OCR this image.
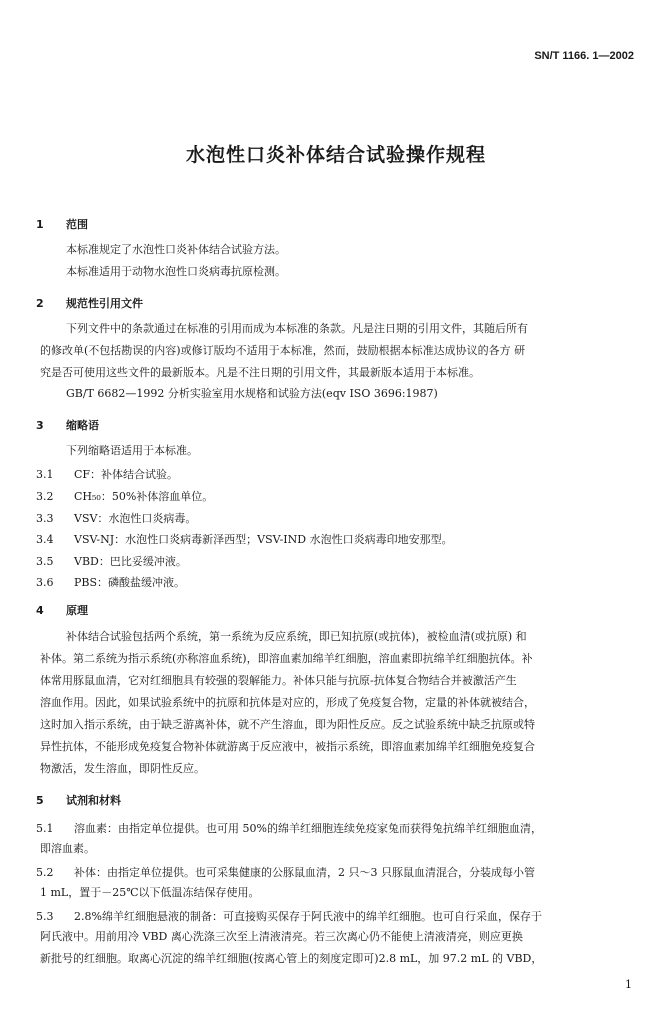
SN/T 1166. 1—2002
水泡性口炎补体结合试验操作规程
1 范围
本标准规定了水泡性口炎补体结合试验方法。
本标准适用于动物水泡性口炎病毒抗原检测。
2 规范性引用文件
下列文件中的条款通过在标准的引用而成为本标准的条款。凡是注日期的引用文件，其随后所有
的修改单(不包括勘误的内容)或修订版均不适用于本标准，然而，鼓励根据本标准达成协议的各方 研
究是否可使用这些文件的最新版本。凡是不注日期的引用文件，其最新版本适用于本标准。
GB/T 6682—1992 分析实验室用水规格和试验方法(eqv ISO 3696:1987)
3 缩略语
下列缩略语适用于本标准。
3.1 CF：补体结合试验。
3.2 CH₅₀：50%补体溶血单位。
3.3 VSV：水泡性口炎病毒。
3.4 VSV-NJ：水泡性口炎病毒新泽西型；VSV-IND 水泡性口炎病毒印地安那型。
3.5 VBD：巴比妥缓冲液。
3.6 PBS：磷酸盐缓冲液。
4 原理
补体结合试验包括两个系统，第一系统为反应系统，即已知抗原(或抗体)，被检血清(或抗原) 和
补体。第二系统为指示系统(亦称溶血系统)，即溶血素加绵羊红细胞，溶血素即抗绵羊红细胞抗体。补
体常用豚鼠血清，它对红细胞具有较强的裂解能力。补体只能与抗原-抗体复合物结合并被激活产生
溶血作用。因此，如果试验系统中的抗原和抗体是对应的，形成了免疫复合物，定量的补体就被结合，
这时加入指示系统，由于缺乏游离补体，就不产生溶血，即为阳性反应。反之试验系统中缺乏抗原或特
异性抗体，不能形成免疫复合物补体就游离于反应液中，被指示系统，即溶血素加绵羊红细胞免疫复合
物激活，发生溶血，即阴性反应。
5 试剂和材料
5.1 溶血素：由指定单位提供。也可用 50%的绵羊红细胞连续免疫家兔而获得兔抗绵羊红细胞血清，
即溶血素。
5.2 补体：由指定单位提供。也可采集健康的公豚鼠血清，2 只～3 只豚鼠血清混合，分装成每小管
1 mL，置于－25℃以下低温冻结保存使用。
5.3 2.8%绵羊红细胞悬液的制备：可直接购买保存于阿氏液中的绵羊红细胞。也可自行采血，保存于
阿氏液中。用前用冷 VBD 离心洗涤三次至上清液清亮。若三次离心仍不能使上清液清亮，则应更换
新批号的红细胞。取离心沉淀的绵羊红细胞(按离心管上的刻度定即可)2.8 mL，加 97.2 mL 的 VBD，
1
